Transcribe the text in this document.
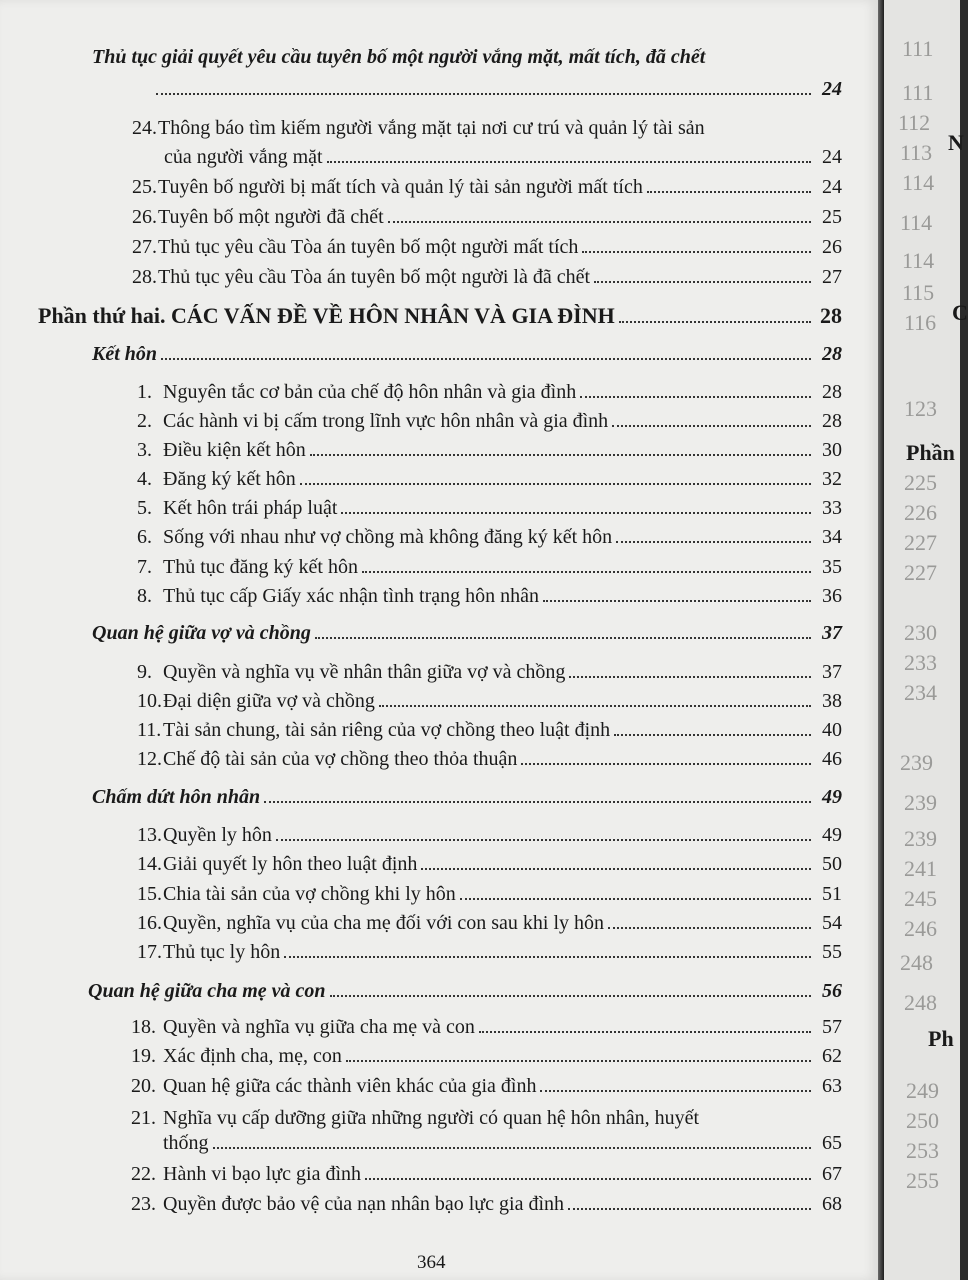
Thủ tục giải quyết yêu cầu tuyên bố một người vắng mặt, mất tích, đã chết
24
24.Thông báo tìm kiếm người vắng mặt tại nơi cư trú và quản lý tài sản
của người vắng mặt	24
25.Tuyên bố người bị mất tích và quản lý tài sản người mất tích	24
26.Tuyên bố một người đã chết	25
27.Thủ tục yêu cầu Tòa án tuyên bố một người mất tích	26
28.Thủ tục yêu cầu Tòa án tuyên bố một người là đã chết	27
Phần thứ hai. CÁC VẤN ĐỀ VỀ HÔN NHÂN VÀ GIA ĐÌNH	28
Kết hôn	28
1. Nguyên tắc cơ bản của chế độ hôn nhân và gia đình	28
2. Các hành vi bị cấm trong lĩnh vực hôn nhân và gia đình	28
3. Điều kiện kết hôn	30
4. Đăng ký kết hôn	32
5. Kết hôn trái pháp luật	33
6. Sống với nhau như vợ chồng mà không đăng ký kết hôn	34
7. Thủ tục đăng ký kết hôn	35
8. Thủ tục cấp Giấy xác nhận tình trạng hôn nhân	36
Quan hệ giữa vợ và chồng	37
9. Quyền và nghĩa vụ về nhân thân giữa vợ và chồng	37
10.Đại diện giữa vợ và chồng	38
11.Tài sản chung, tài sản riêng của vợ chồng theo luật định	40
12.Chế độ tài sản của vợ chồng theo thỏa thuận	46
Chấm dứt hôn nhân	49
13.Quyền ly hôn	49
14.Giải quyết ly hôn theo luật định	50
15.Chia tài sản của vợ chồng khi ly hôn	51
16.Quyền, nghĩa vụ của cha mẹ đối với con sau khi ly hôn	54
17.Thủ tục ly hôn	55
Quan hệ giữa cha mẹ và con	56
18. Quyền và nghĩa vụ giữa cha mẹ và con	57
19. Xác định cha, mẹ, con	62
20. Quan hệ giữa các thành viên khác của gia đình	63
21. Nghĩa vụ cấp dưỡng giữa những người có quan hệ hôn nhân, huyết
thống	65
22. Hành vi bạo lực gia đình	67
23. Quyền được bảo vệ của nạn nhân bạo lực gia đình	68
364
111
111
112
N
113
114
114
114
115
C
116
123
Phần
225
226
227
227
230
233
234
239
239
239
241
245
246
248
248
Ph
249
250
253
255
